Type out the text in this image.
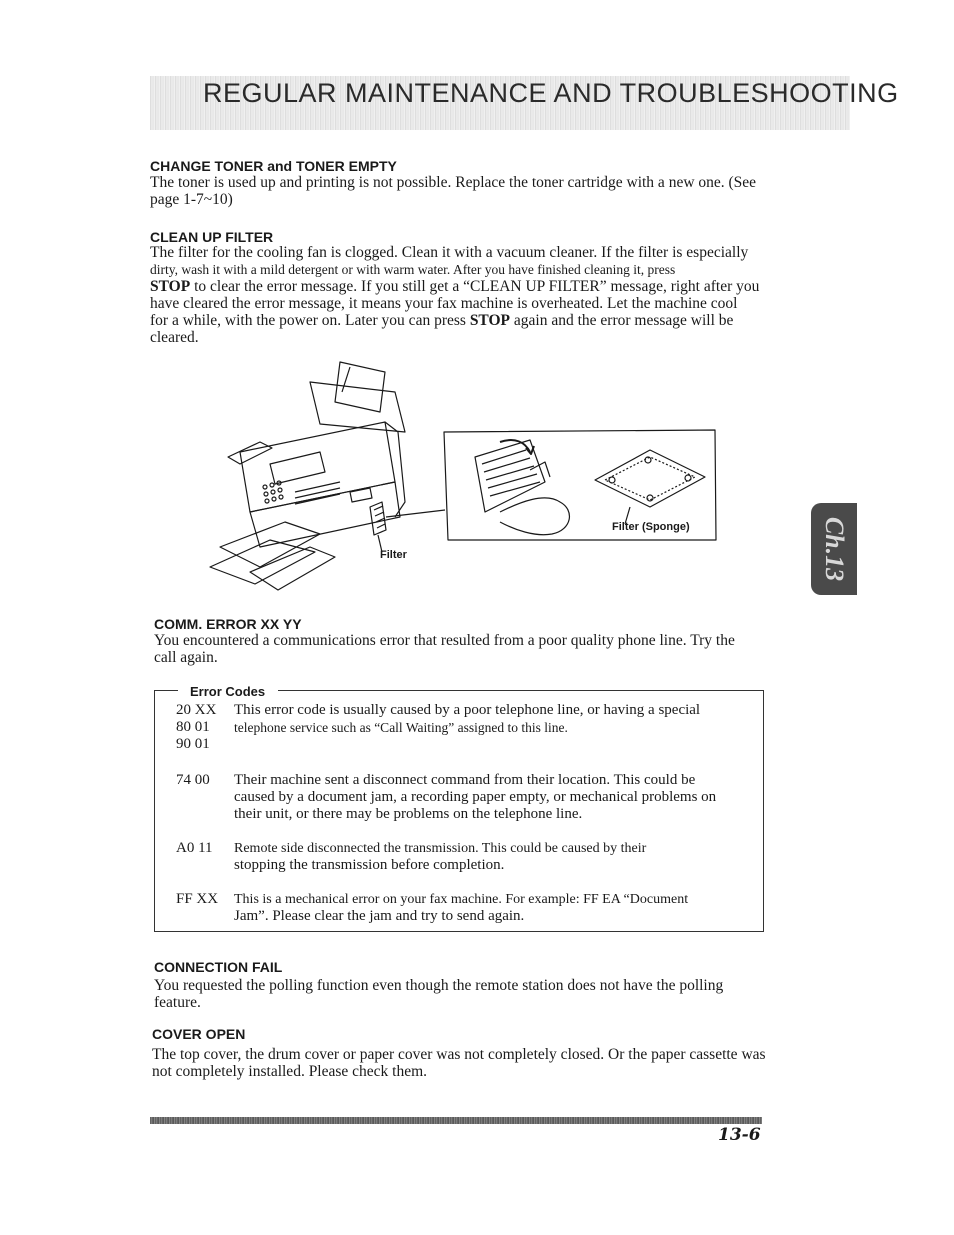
REGULAR MAINTENANCE AND TROUBLESHOOTING
CHANGE TONER and TONER EMPTY
The toner is used up and printing is not possible. Replace the toner cartridge with a new one. (See
page 1-7~10)
CLEAN UP FILTER
The filter for the cooling fan is clogged. Clean it with a vacuum cleaner. If the filter is especially
dirty, wash it with a mild detergent or with warm water. After you have finished cleaning it, press
STOP to clear the error message. If you still get a “CLEAN UP FILTER” message, right after you
have cleared the error message, it means your fax machine is overheated. Let the machine cool
for a while, with the power on. Later you can press STOP again and the error message will be
cleared.
Filter
Filter (Sponge)
COMM. ERROR XX YY
You encountered a communications error that resulted from a poor quality phone line. Try the
call again.
Error Codes
20 XX
80 01
90 01
This error code is usually caused by a poor telephone line, or having a special
telephone service such as “Call Waiting” assigned to this line.
74 00 Their machine sent a disconnect command from their location. This could be
caused by a document jam, a recording paper empty, or mechanical problems on
their unit, or there may be problems on the telephone line.
A0 11 Remote side disconnected the transmission. This could be caused by their
stopping the transmission before completion.
FF XX This is a mechanical error on your fax machine. For example: FF EA “Document
Jam”. Please clear the jam and try to send again.
CONNECTION FAIL
You requested the polling function even though the remote station does not have the polling
feature.
COVER OPEN
The top cover, the drum cover or paper cover was not completely closed. Or the paper cassette was
not completely installed. Please check them.
Ch.13
13-6
